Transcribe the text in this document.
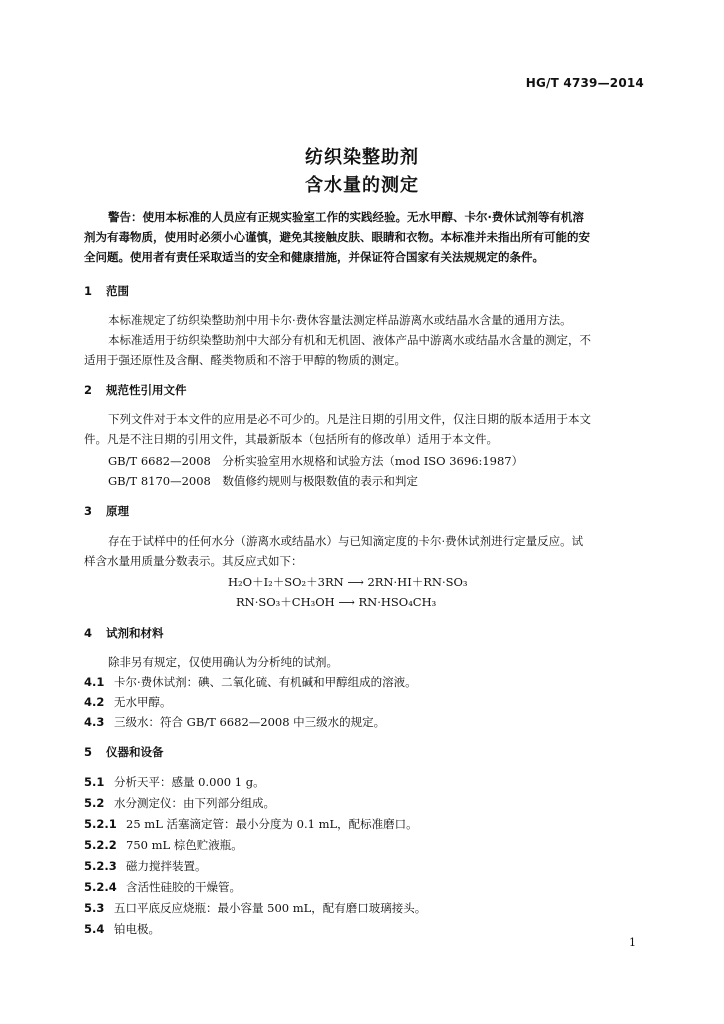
HG/T 4739—2014
纺织染整助剂
含水量的测定
警告：使用本标准的人员应有正规实验室工作的实践经验。无水甲醇、卡尔·费休试剂等有机溶
剂为有毒物质，使用时必须小心谨慎，避免其接触皮肤、眼睛和衣物。本标准并未指出所有可能的安
全问题。使用者有责任采取适当的安全和健康措施，并保证符合国家有关法规规定的条件。
1 范围
本标准规定了纺织染整助剂中用卡尔·费休容量法测定样品游离水或结晶水含量的通用方法。
本标准适用于纺织染整助剂中大部分有机和无机固、液体产品中游离水或结晶水含量的测定，不
适用于强还原性及含酮、醛类物质和不溶于甲醇的物质的测定。
2 规范性引用文件
下列文件对于本文件的应用是必不可少的。凡是注日期的引用文件，仅注日期的版本适用于本文
件。凡是不注日期的引用文件，其最新版本（包括所有的修改单）适用于本文件。
GB/T 6682—2008　分析实验室用水规格和试验方法（mod ISO 3696:1987）
GB/T 8170—2008　数值修约规则与极限数值的表示和判定
3 原理
存在于试样中的任何水分（游离水或结晶水）与已知滴定度的卡尔·费休试剂进行定量反应。试
样含水量用质量分数表示。其反应式如下：
H₂O＋I₂＋SO₂＋3RN ⟶ 2RN·HI＋RN·SO₃
RN·SO₃＋CH₃OH ⟶ RN·HSO₄CH₃
4 试剂和材料
除非另有规定，仅使用确认为分析纯的试剂。
4.1 卡尔·费休试剂：碘、二氧化硫、有机碱和甲醇组成的溶液。
4.2 无水甲醇。
4.3 三级水：符合 GB/T 6682—2008 中三级水的规定。
5 仪器和设备
5.1 分析天平：感量 0.000 1 g。
5.2 水分测定仪：由下列部分组成。
5.2.1 25 mL 活塞滴定管：最小分度为 0.1 mL，配标准磨口。
5.2.2 750 mL 棕色贮液瓶。
5.2.3 磁力搅拌装置。
5.2.4 含活性硅胶的干燥管。
5.3 五口平底反应烧瓶：最小容量 500 mL，配有磨口玻璃接头。
5.4 铂电极。
1
